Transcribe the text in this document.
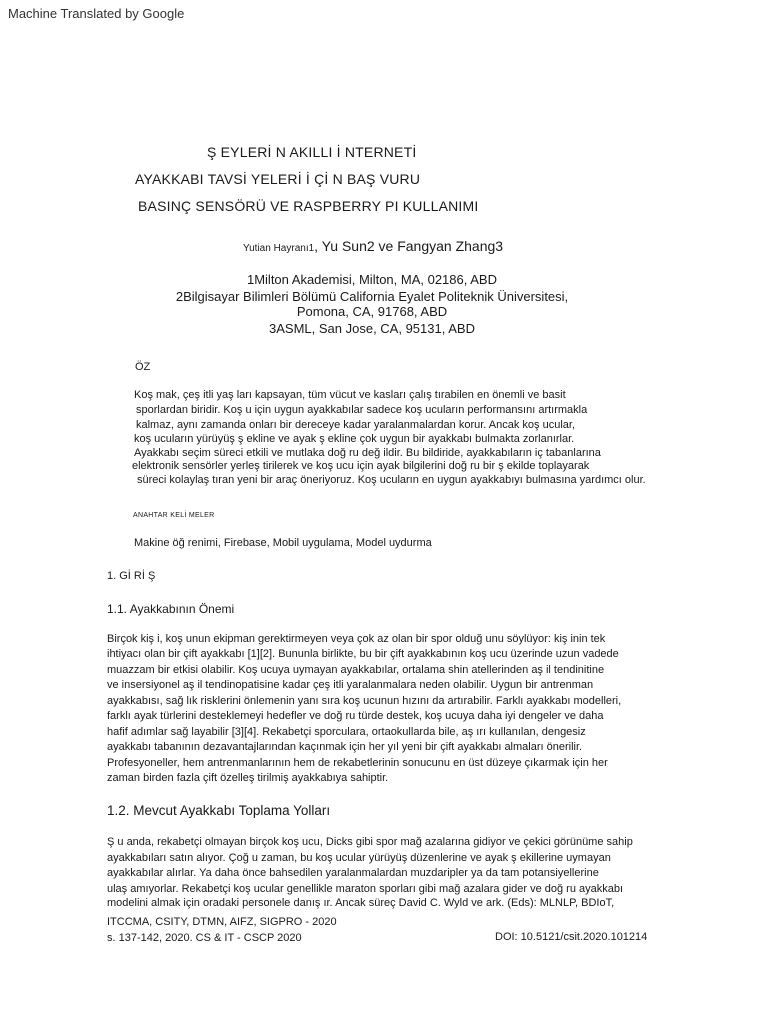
Machine Translated by Google
Ş EYLERİ N AKILLI İ NTERNETİ
AYAKKABI TAVSİ YELERİ İ Çİ N BAŞ VURU
BASINÇ SENSÖRÜ VE RASPBERRY PI KULLANIMI
Yutian Hayranı1, Yu Sun2 ve Fangyan Zhang3
1Milton Akademisi, Milton, MA, 02186, ABD
2Bilgisayar Bilimleri Bölümü California Eyalet Politeknik Üniversitesi,
Pomona, CA, 91768, ABD
3ASML, San Jose, CA, 95131, ABD
ÖZ
Koş mak, çeş itli yaş ları kapsayan, tüm vücut ve kasları çalış tırabilen en önemli ve basit
sporlardan biridir. Koş u için uygun ayakkabılar sadece koş ucuların performansını artırmakla
kalmaz, aynı zamanda onları bir dereceye kadar yaralanmalardan korur. Ancak koş ucular,
koş ucuların yürüyüş ş ekline ve ayak ş ekline çok uygun bir ayakkabı bulmakta zorlanırlar.
Ayakkabı seçim süreci etkili ve mutlaka doğ ru değ ildir. Bu bildiride, ayakkabıların iç tabanlarına
elektronik sensörler yerleş tirilerek ve koş ucu için ayak bilgilerini doğ ru bir ş ekilde toplayarak
süreci kolaylaş tıran yeni bir araç öneriyoruz. Koş ucuların en uygun ayakkabıyı bulmasına yardımcı olur.
ANAHTAR KELİ MELER
Makine öğ renimi, Firebase, Mobil uygulama, Model uydurma
1. Gİ Rİ Ş
1.1. Ayakkabının Önemi
Birçok kiş i, koş unun ekipman gerektirmeyen veya çok az olan bir spor olduğ unu söylüyor: kiş inin tek
ihtiyacı olan bir çift ayakkabı [1][2]. Bununla birlikte, bu bir çift ayakkabının koş ucu üzerinde uzun vadede
muazzam bir etkisi olabilir. Koş ucuya uymayan ayakkabılar, ortalama shin atellerinden aş il tendinitine
ve insersiyonel aş il tendinopatisine kadar çeş itli yaralanmalara neden olabilir. Uygun bir antrenman
ayakkabısı, sağ lık risklerini önlemenin yanı sıra koş ucunun hızını da artırabilir. Farklı ayakkabı modelleri,
farklı ayak türlerini desteklemeyi hedefler ve doğ ru türde destek, koş ucuya daha iyi dengeler ve daha
hafif adımlar sağ layabilir [3][4]. Rekabetçi sporculara, ortaokullarda bile, aş ırı kullanılan, dengesiz
ayakkabı tabanının dezavantajlarından kaçınmak için her yıl yeni bir çift ayakkabı almaları önerilir.
Profesyoneller, hem antrenmanlarının hem de rekabetlerinin sonucunu en üst düzeye çıkarmak için her
zaman birden fazla çift özelleş tirilmiş ayakkabıya sahiptir.
1.2. Mevcut Ayakkabı Toplama Yolları
Ş u anda, rekabetçi olmayan birçok koş ucu, Dicks gibi spor mağ azalarına gidiyor ve çekici görünüme sahip
ayakkabıları satın alıyor. Çoğ u zaman, bu koş ucular yürüyüş düzenlerine ve ayak ş ekillerine uymayan
ayakkabılar alırlar. Ya daha önce bahsedilen yaralanmalardan muzdaripler ya da tam potansiyellerine
ulaş amıyorlar. Rekabetçi koş ucular genellikle maraton sporları gibi mağ azalara gider ve doğ ru ayakkabı
modelini almak için oradaki personele danış ır. Ancak süreç David C. Wyld ve ark. (Eds): MLNLP, BDIoT,
ITCCMA, CSITY, DTMN, AIFZ, SIGPRO - 2020
s. 137-142, 2020. CS & IT - CSCP 2020	DOI: 10.5121/csit.2020.101214
